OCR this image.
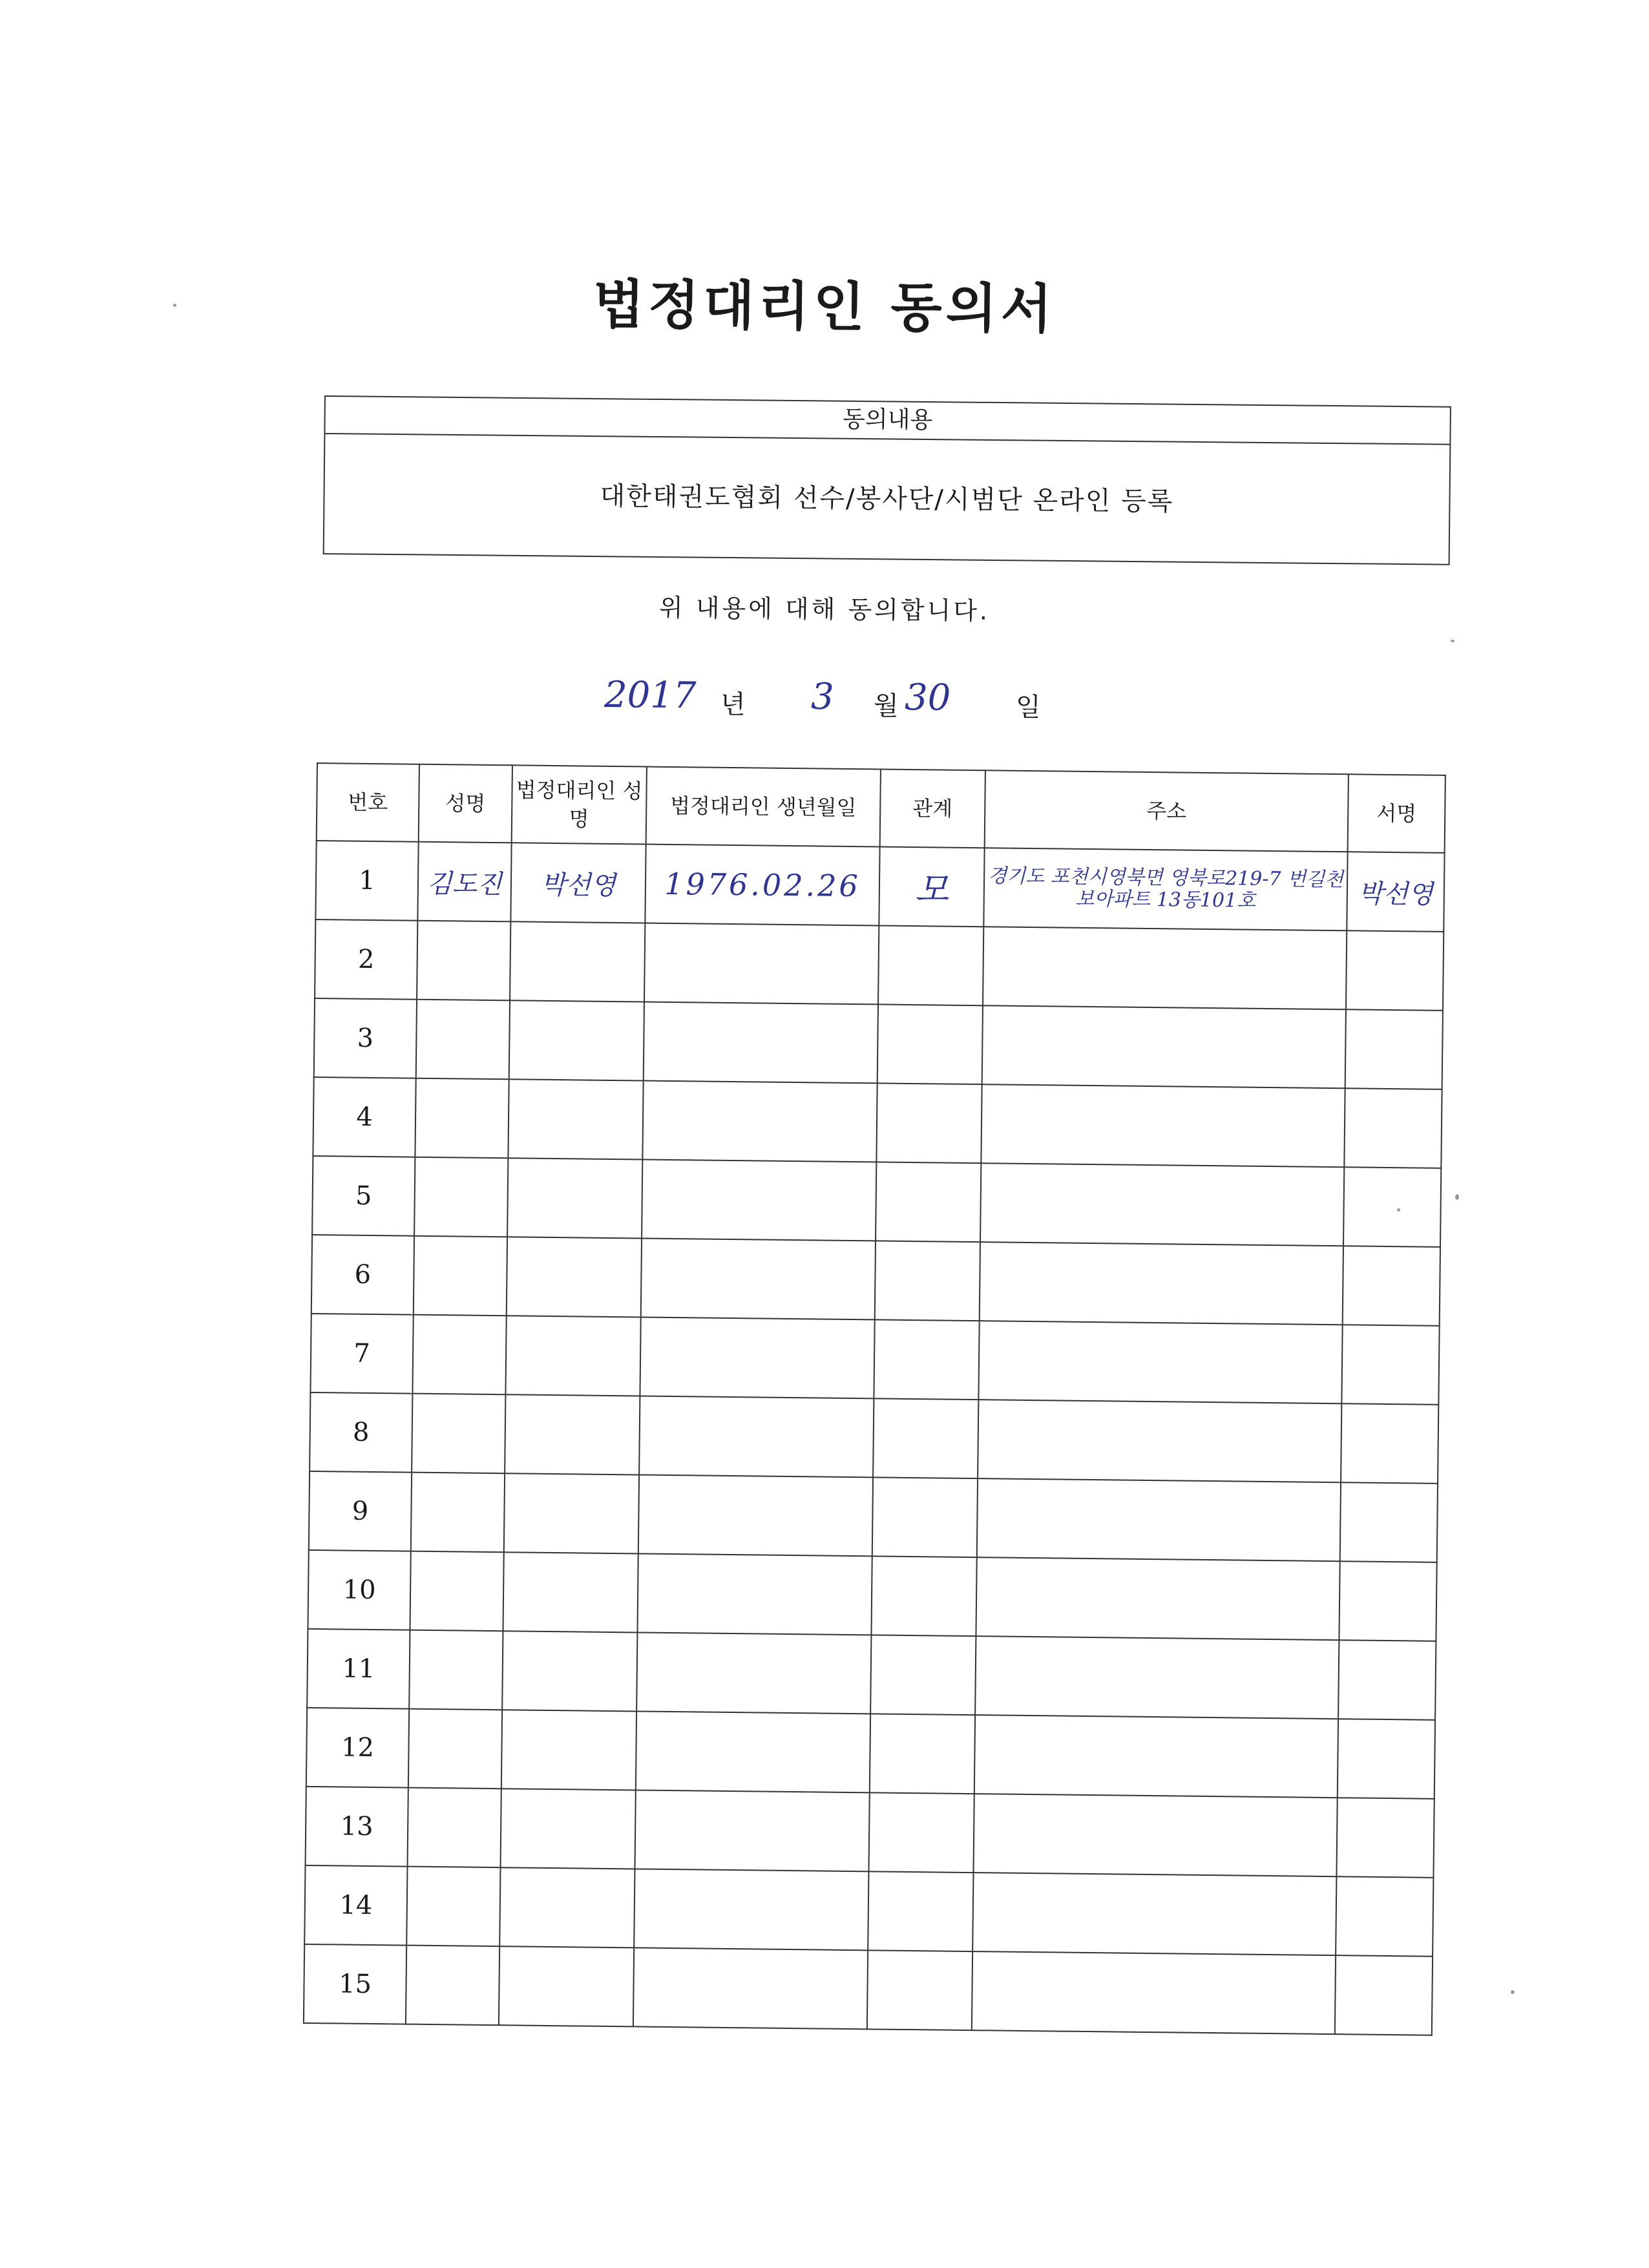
법정대리인 동의서
동의내용
대한태권도협회 선수/봉사단/시범단 온라인 등록
위 내용에 대해 동의합니다.
2017 년 3 월 30	일
번호	성명	법정대리인 성명	법정대리인 생년월일	관계	주소	서명
1	김도진	박선영	1976.02.26	모	경기도 포천시영북면 영북로219-7 번길천보아파트 13동101호	박선영
2						
3						
4						
5						
6						
7						
8						
9						
10						
11						
12						
13						
14						
15						
